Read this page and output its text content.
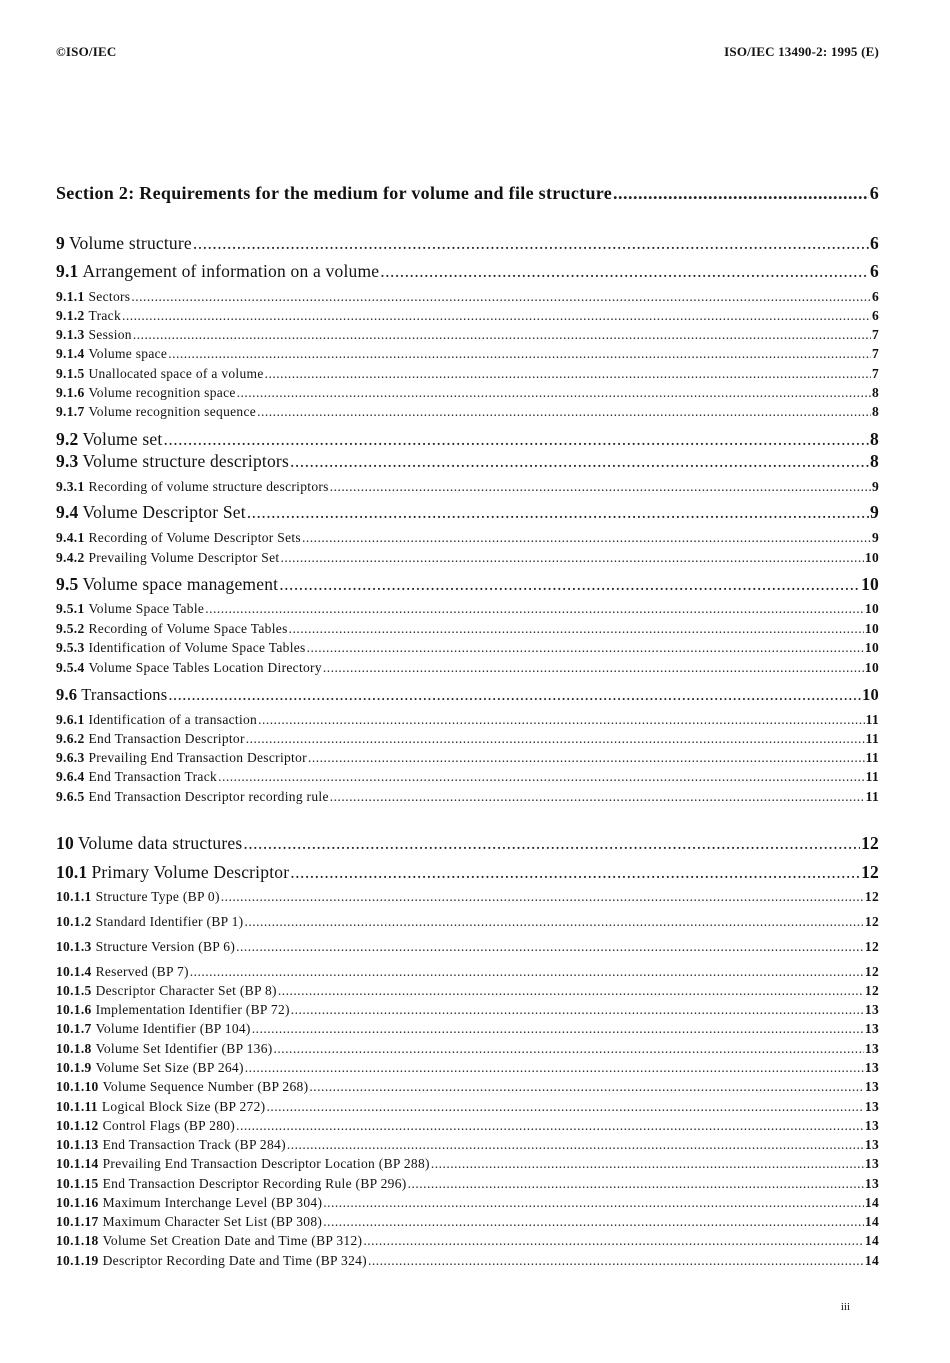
©ISO/IEC	ISO/IEC 13490-2: 1995 (E)
Section 2: Requirements for the medium for volume and file structure .....	6
9 Volume structure .....	6
9.1 Arrangement of information on a volume .....	6
9.1.1 Sectors .....	6
9.1.2 Track .....	6
9.1.3 Session .....	7
9.1.4 Volume space .....	7
9.1.5 Unallocated space of a volume .....	7
9.1.6 Volume recognition space .....	8
9.1.7 Volume recognition sequence .....	8
9.2 Volume set .....	8
9.3 Volume structure descriptors .....	8
9.3.1 Recording of volume structure descriptors .....	9
9.4 Volume Descriptor Set .....	9
9.4.1 Recording of Volume Descriptor Sets .....	9
9.4.2 Prevailing Volume Descriptor Set .....	10
9.5 Volume space management .....	10
9.5.1 Volume Space Table .....	10
9.5.2 Recording of Volume Space Tables .....	10
9.5.3 Identification of Volume Space Tables .....	10
9.5.4 Volume Space Tables Location Directory .....	10
9.6 Transactions .....	10
9.6.1 Identification of a transaction .....	11
9.6.2 End Transaction Descriptor .....	11
9.6.3 Prevailing End Transaction Descriptor .....	11
9.6.4 End Transaction Track .....	11
9.6.5 End Transaction Descriptor recording rule .....	11
10 Volume data structures .....	12
10.1 Primary Volume Descriptor .....	12
10.1.1 Structure Type (BP 0) .....	12
10.1.2 Standard Identifier (BP 1) .....	12
10.1.3 Structure Version (BP 6) .....	12
10.1.4 Reserved (BP 7) .....	12
10.1.5 Descriptor Character Set (BP 8) .....	12
10.1.6 Implementation Identifier (BP 72) .....	13
10.1.7 Volume Identifier (BP 104) .....	13
10.1.8 Volume Set Identifier (BP 136) .....	13
10.1.9 Volume Set Size (BP 264) .....	13
10.1.10 Volume Sequence Number (BP 268) .....	13
10.1.11 Logical Block Size (BP 272) .....	13
10.1.12 Control Flags (BP 280) .....	13
10.1.13 End Transaction Track (BP 284) .....	13
10.1.14 Prevailing End Transaction Descriptor Location (BP 288) .....	13
10.1.15 End Transaction Descriptor Recording Rule (BP 296) .....	13
10.1.16 Maximum Interchange Level (BP 304) .....	14
10.1.17 Maximum Character Set List (BP 308) .....	14
10.1.18 Volume Set Creation Date and Time (BP 312) .....	14
10.1.19 Descriptor Recording Date and Time (BP 324) .....	14
iii
